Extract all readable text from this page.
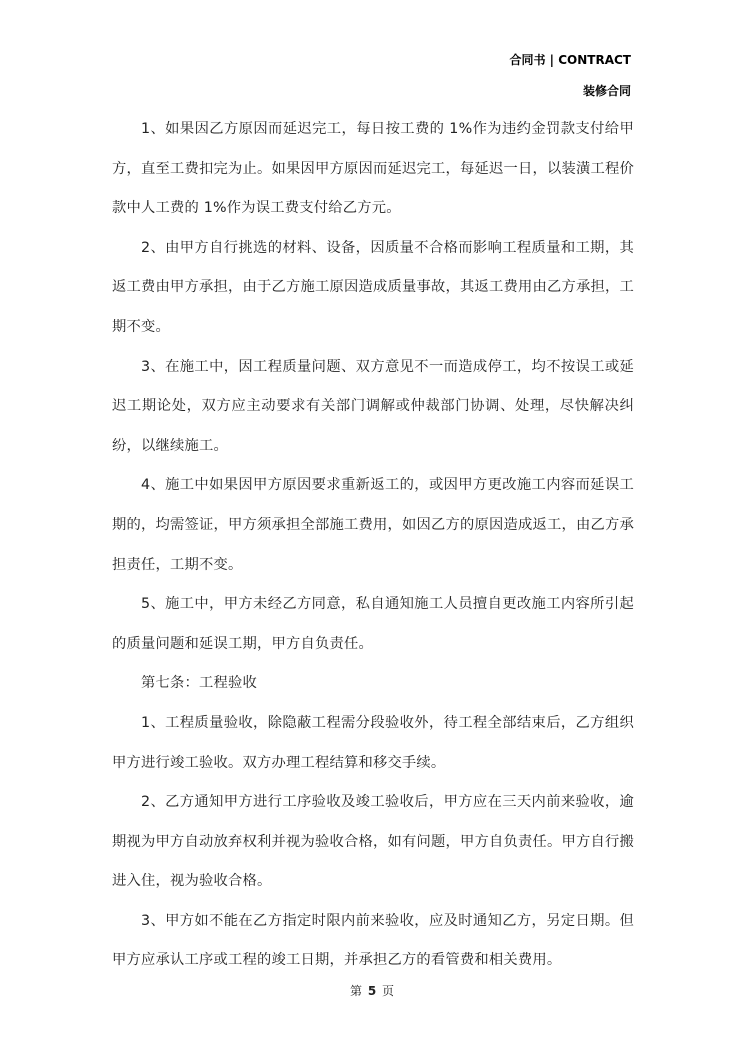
合同书 | CONTRACT
装修合同

1、如果因乙方原因而延迟完工，每日按工费的 1%作为违约金罚款支付给甲方，直至工费扣完为止。如果因甲方原因而延迟完工，每延迟一日，以装潢工程价款中人工费的 1%作为误工费支付给乙方元。

2、由甲方自行挑选的材料、设备，因质量不合格而影响工程质量和工期，其返工费由甲方承担，由于乙方施工原因造成质量事故，其返工费用由乙方承担，工期不变。

3、在施工中，因工程质量问题、双方意见不一而造成停工，均不按误工或延迟工期论处，双方应主动要求有关部门调解或仲裁部门协调、处理，尽快解决纠纷，以继续施工。

4、施工中如果因甲方原因要求重新返工的，或因甲方更改施工内容而延误工期的，均需签证，甲方须承担全部施工费用，如因乙方的原因造成返工，由乙方承担责任，工期不变。

5、施工中，甲方未经乙方同意，私自通知施工人员擅自更改施工内容所引起的质量问题和延误工期，甲方自负责任。

第七条：工程验收

1、工程质量验收，除隐蔽工程需分段验收外，待工程全部结束后，乙方组织甲方进行竣工验收。双方办理工程结算和移交手续。

2、乙方通知甲方进行工序验收及竣工验收后，甲方应在三天内前来验收，逾期视为甲方自动放弃权利并视为验收合格，如有问题，甲方自负责任。甲方自行搬进入住，视为验收合格。

3、甲方如不能在乙方指定时限内前来验收，应及时通知乙方，另定日期。但甲方应承认工序或工程的竣工日期，并承担乙方的看管费和相关费用。

第 5 页
